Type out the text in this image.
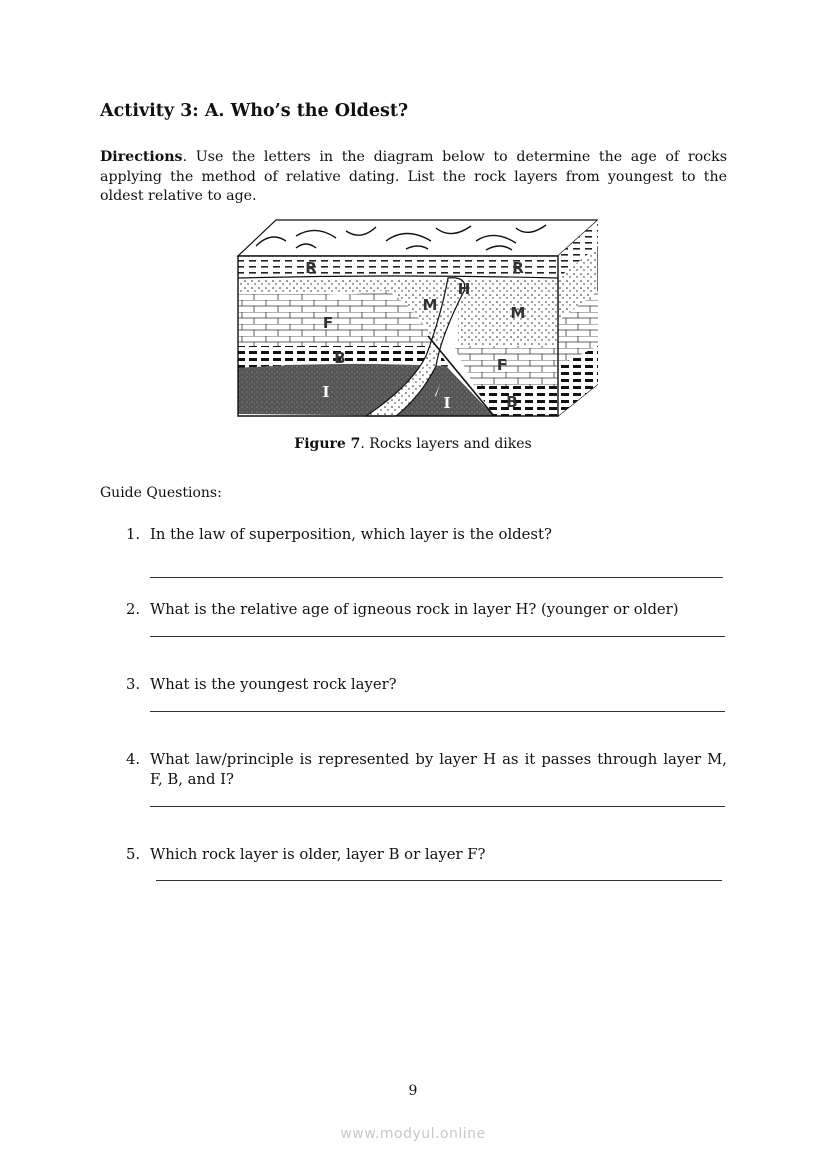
Activity 3: A. Who’s the Oldest?
Directions. Use the letters in the diagram below to determine the age of rocks applying the method of relative dating. List the rock layers from youngest to the oldest relative to age.
R	R
H
M	M
F
F
B
B
I
I
Figure 7. Rocks layers and dikes
Guide Questions:
1. In the law of superposition, which layer is the oldest?
2. What is the relative age of igneous rock in layer H? (younger or older)
3. What is the youngest rock layer?
4. What law/principle is represented by layer H as it passes through layer M, F, B, and I?
5. Which rock layer is older, layer B or layer F?
9
www.modyul.online
